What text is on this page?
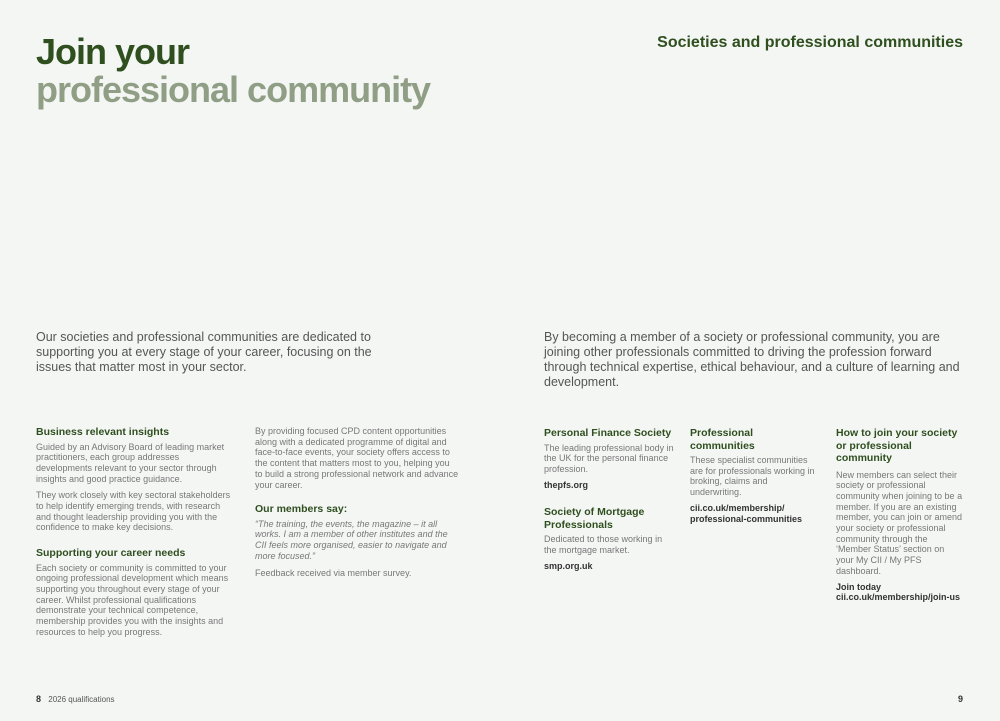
Join your
professional community
Societies and professional communities
Our societies and professional communities are dedicated to supporting you at every stage of your career, focusing on the issues that matter most in your sector.
By becoming a member of a society or professional community, you are joining other professionals committed to driving the profession forward through technical expertise, ethical behaviour, and a culture of learning and development.
Business relevant insights

Guided by an Advisory Board of leading market practitioners, each group addresses developments relevant to your sector through insights and good practice guidance.

They work closely with key sectoral stakeholders to help identify emerging trends, with research and thought leadership providing you with the confidence to make key decisions.

Supporting your career needs

Each society or community is committed to your ongoing professional development which means supporting you throughout every stage of your career. Whilst professional qualifications demonstrate your technical competence, membership provides you with the insights and resources to help you progress.

By providing focused CPD content opportunities along with a dedicated programme of digital and face-to-face events, your society offers access to the content that matters most to you, helping you to build a strong professional network and advance your career.

Our members say:

“The training, the events, the magazine – it all works. I am a member of other institutes and the CII feels more organised, easier to navigate and more focused.”

Feedback received via member survey.

Personal Finance Society

The leading professional body in the UK for the personal finance profession.

thepfs.org
Society of Mortgage Professionals

Dedicated to those working in the mortgage market.

smp.org.uk
Professional communities

These specialist communities are for professionals working in broking, claims and underwriting.

cii.co.uk/membership/ professional-communities
How to join your society or professional community

New members can select their society or professional community when joining to be a member. If you are an existing member, you can join or amend your society or professional community through the ‘Member Status’ section on your My CII / My PFS dashboard.

Join today
cii.co.uk/membership/join-us
8 2026 qualifications	9
